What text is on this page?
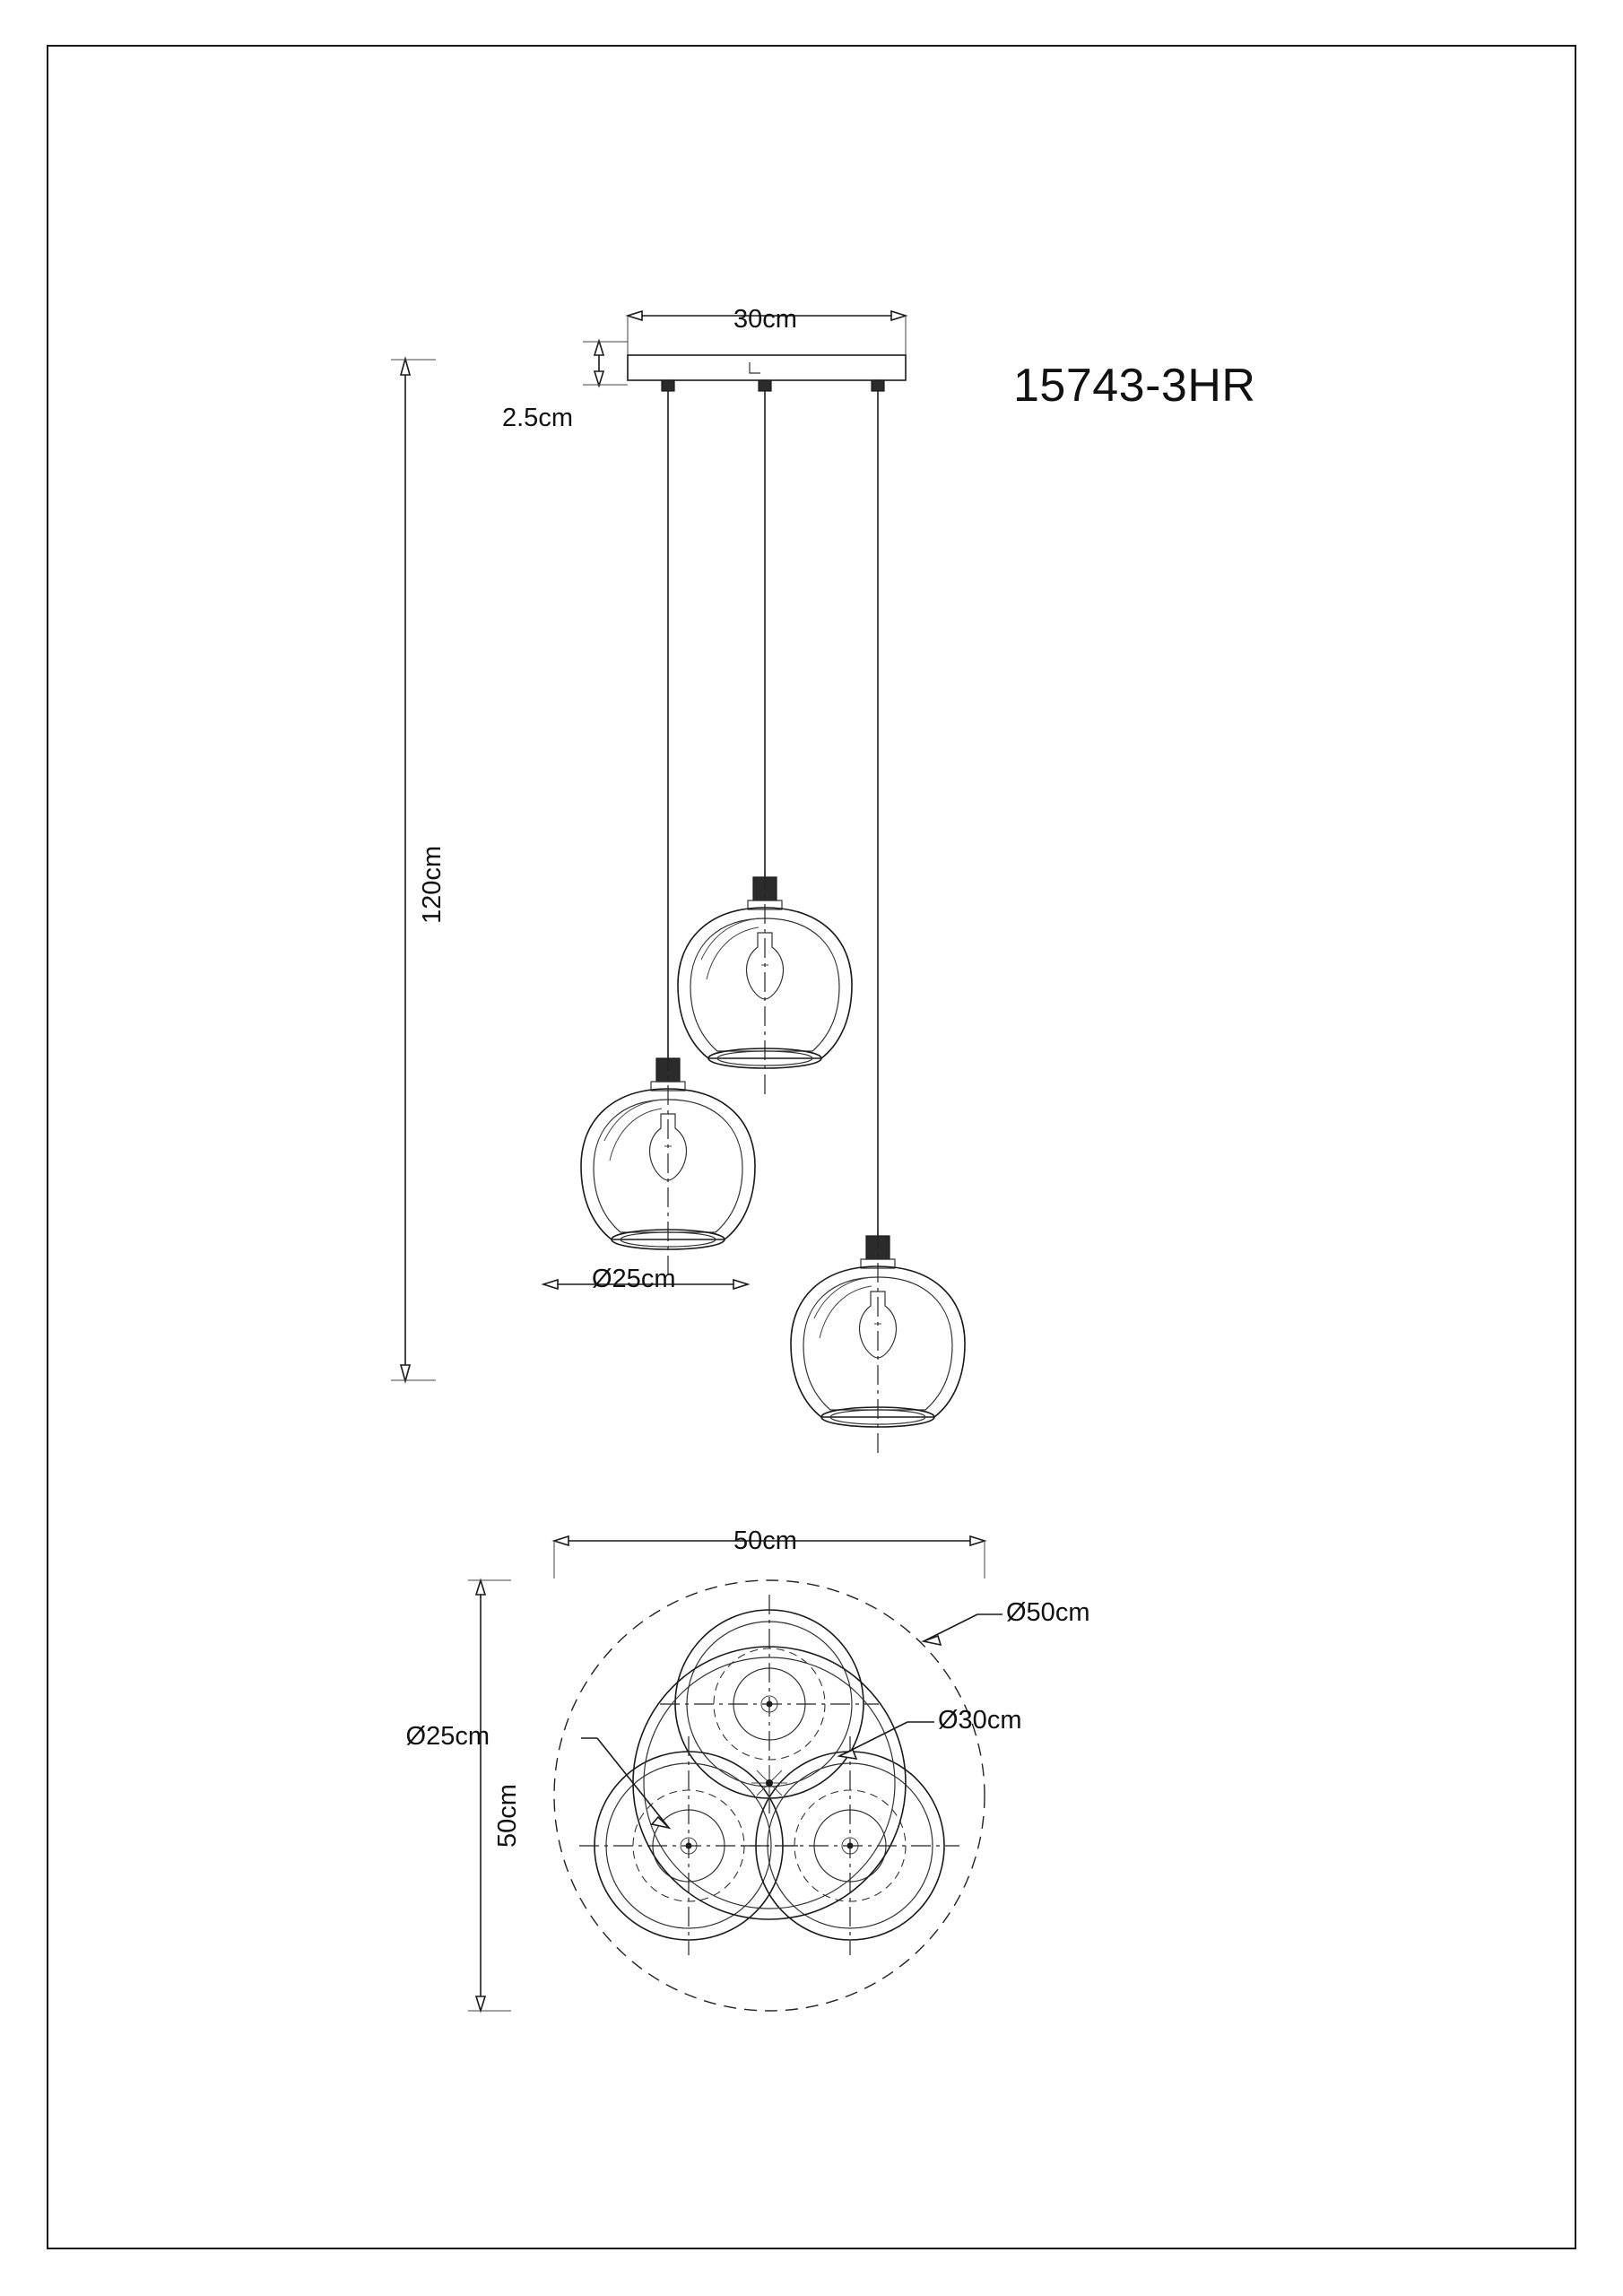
15743-3HR
30cm
2.5cm
120cm
Ø25cm
50cm
50cm
Ø50cm
Ø25cm
Ø30cm
